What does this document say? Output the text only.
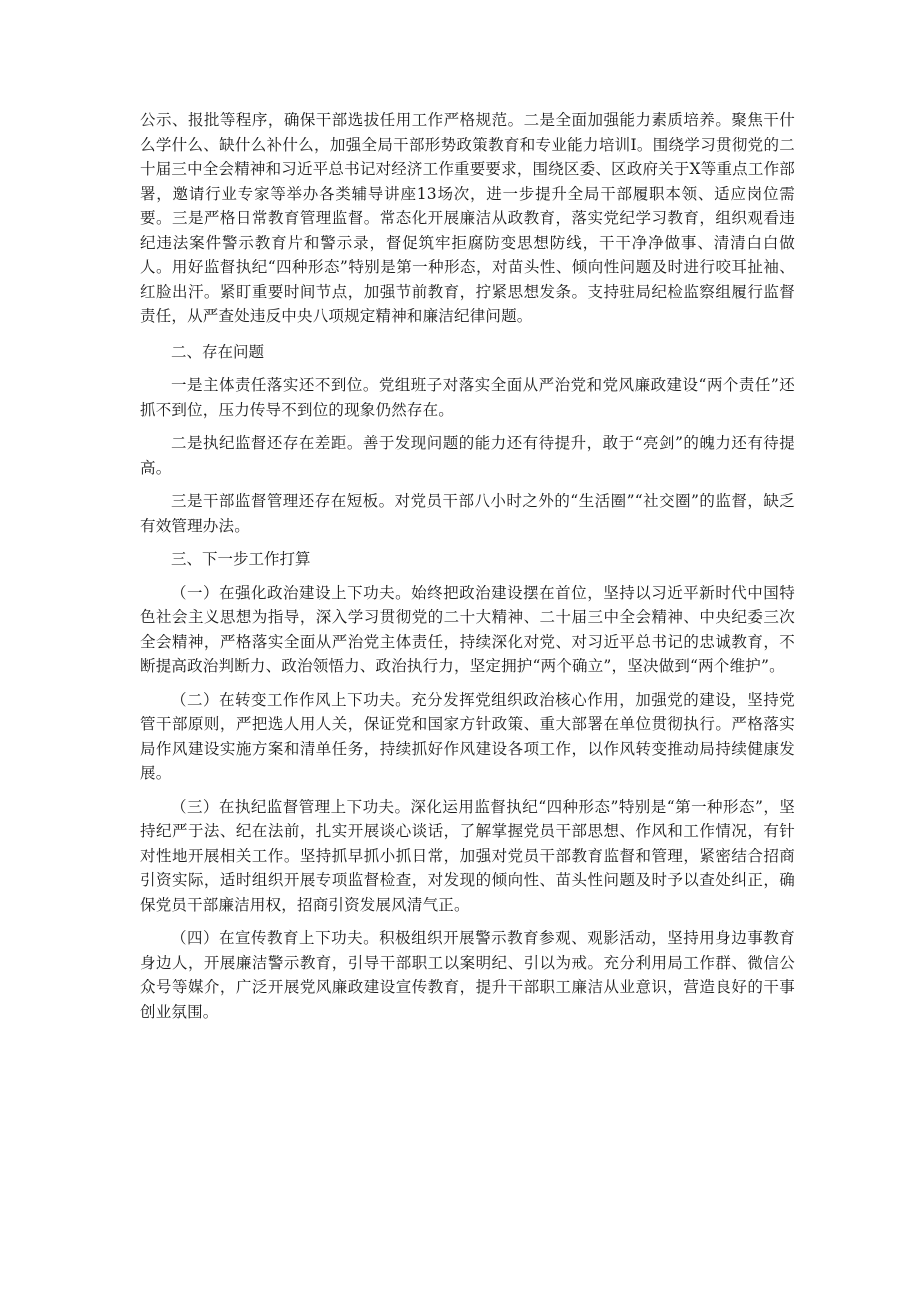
公示、报批等程序，确保干部选拔任用工作严格规范。二是全面加强能力素质培养。聚焦干什么学什么、缺什么补什么，加强全局干部形势政策教育和专业能力培训I。围绕学习贯彻党的二十届三中全会精神和习近平总书记对经济工作重要要求，围绕区委、区政府关于X等重点工作部署，邀请行业专家等举办各类辅导讲座13场次，进一步提升全局干部履职本领、适应岗位需要。三是严格日常教育管理监督。常态化开展廉洁从政教育，落实党纪学习教育，组织观看违纪违法案件警示教育片和警示录，督促筑牢拒腐防变思想防线，干干净净做事、清清白白做人。用好监督执纪“四种形态”特别是第一种形态，对苗头性、倾向性问题及时进行咬耳扯袖、红脸出汗。紧盯重要时间节点，加强节前教育，拧紧思想发条。支持驻局纪检监察组履行监督责任，从严查处违反中央八项规定精神和廉洁纪律问题。

二、存在问题

一是主体责任落实还不到位。党组班子对落实全面从严治党和党风廉政建设“两个责任”还抓不到位，压力传导不到位的现象仍然存在。

二是执纪监督还存在差距。善于发现问题的能力还有待提升，敢于“亮剑”的魄力还有待提高。

三是干部监督管理还存在短板。对党员干部八小时之外的“生活圈”“社交圈”的监督，缺乏有效管理办法。

三、下一步工作打算

（一）在强化政治建设上下功夫。始终把政治建设摆在首位，坚持以习近平新时代中国特色社会主义思想为指导，深入学习贯彻党的二十大精神、二十届三中全会精神、中央纪委三次全会精神，严格落实全面从严治党主体责任，持续深化对党、对习近平总书记的忠诚教育，不断提高政治判断力、政治领悟力、政治执行力，坚定拥护“两个确立”，坚决做到“两个维护”。

（二）在转变工作作风上下功夫。充分发挥党组织政治核心作用，加强党的建设，坚持党管干部原则，严把选人用人关，保证党和国家方针政策、重大部署在单位贯彻执行。严格落实局作风建设实施方案和清单任务，持续抓好作风建设各项工作，以作风转变推动局持续健康发展。

（三）在执纪监督管理上下功夫。深化运用监督执纪“四种形态”特别是“第一种形态”，坚持纪严于法、纪在法前，扎实开展谈心谈话，了解掌握党员干部思想、作风和工作情况，有针对性地开展相关工作。坚持抓早抓小抓日常，加强对党员干部教育监督和管理，紧密结合招商引资实际，适时组织开展专项监督检查，对发现的倾向性、苗头性问题及时予以查处纠正，确保党员干部廉洁用权，招商引资发展风清气正。

（四）在宣传教育上下功夫。积极组织开展警示教育参观、观影活动，坚持用身边事教育身边人，开展廉洁警示教育，引导干部职工以案明纪、引以为戒。充分利用局工作群、微信公众号等媒介，广泛开展党风廉政建设宣传教育，提升干部职工廉洁从业意识，营造良好的干事创业氛围。
